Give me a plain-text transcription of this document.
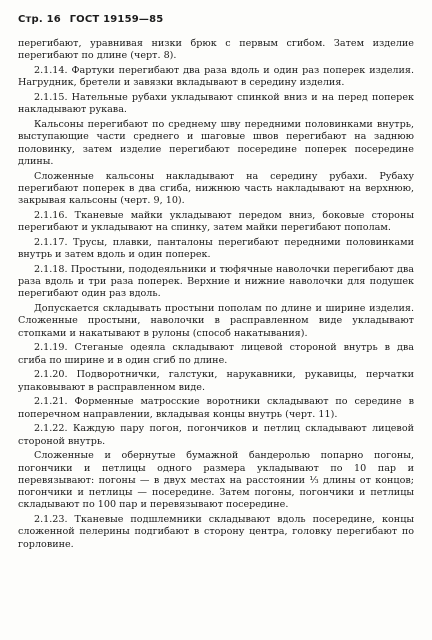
Стр. 16 ГОСТ 19159—85

перегибают, уравнивая низки брюк с первым сгибом. Затем изделие перегибают по длине (черт. 8).

2.1.14. Фартуки перегибают два раза вдоль и один раз поперек изделия. Нагрудник, бретели и завязки вкладывают в середину изделия.

2.1.15. Нательные рубахи укладывают спинкой вниз и на перед поперек накладывают рукава.

Кальсоны перегибают по среднему шву передними половинками внутрь, выступающие части среднего и шаговые швов перегибают на заднюю половинку, затем изделие перегибают посередине поперек посередине длины.

Сложенные кальсоны накладывают на середину рубахи. Рубаху перегибают поперек в два сгиба, нижнюю часть накладывают на верхнюю, закрывая кальсоны (черт. 9, 10).

2.1.16. Тканевые майки укладывают передом вниз, боковые стороны перегибают и укладывают на спинку, затем майки перегибают пополам.

2.1.17. Трусы, плавки, панталоны перегибают передними половинками внутрь и затем вдоль и один поперек.

2.1.18. Простыни, пододеяльники и тюфячные наволочки перегибают два раза вдоль и три раза поперек. Верхние и нижние наволочки для подушек перегибают один раз вдоль.

Допускается складывать простыни пополам по длине и ширине изделия. Сложенные простыни, наволочки в расправленном виде укладывают стопками и накатывают в рулоны (способ накатывания).

2.1.19. Стеганые одеяла складывают лицевой стороной внутрь в два сгиба по ширине и в один сгиб по длине.

2.1.20. Подворотнички, галстуки, нарукавники, рукавицы, перчатки упаковывают в расправленном виде.

2.1.21. Форменные матросские воротники складывают по середине в поперечном направлении, вкладывая концы внутрь (черт. 11).

2.1.22. Каждую пару погон, погончиков и петлиц складывают лицевой стороной внутрь.

Сложенные и обернутые бумажной бандеролью попарно погоны, погончики и петлицы одного размера укладывают по 10 пар и перевязывают: погоны — в двух местах на расстоянии ⅓ длины от концов; погончики и петлицы — посередине. Затем погоны, погончики и петлицы складывают по 100 пар и перевязывают посередине.

2.1.23. Тканевые подшлемники складывают вдоль посередине, концы сложенной пелерины подгибают в сторону центра, головку перегибают по горловине.
